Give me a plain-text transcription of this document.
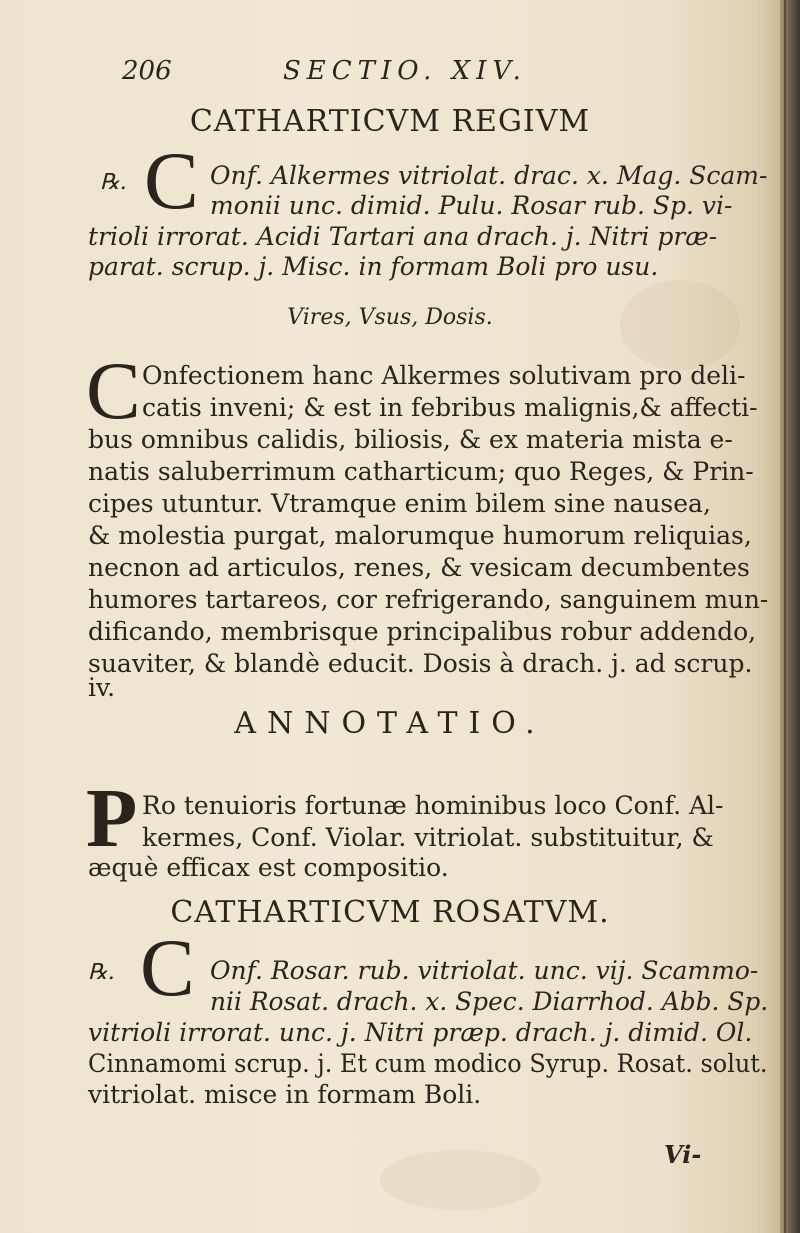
206	SECTIO. XIV.
CATHARTICVM REGIVM
℞. C Onf. Alkermes vitriolat. drac. x. Mag. Scam-
monii unc. dimid. Pulu. Rosar rub. Sp. vi-
trioli irrorat. Acidi Tartari ana drach. j. Nitri præ-
parat. scrup. j. Misc. in formam Boli pro usu.
Vires, Vsus, Dosis.
C Onfectionem hanc Alkermes solutivam pro deli-
catis inveni; & est in febribus malignis,& affecti-
bus omnibus calidis, biliosis, & ex materia mista e-
natis saluberrimum catharticum; quo Reges, & Prin-
cipes utuntur. Vtramque enim bilem sine nausea,
& molestia purgat, malorumque humorum reliquias,
necnon ad articulos, renes, & vesicam decumbentes
humores tartareos, cor refrigerando, sanguinem mun-
dificando, membrisque principalibus robur addendo,
suaviter, & blandè educit. Dosis à drach. j. ad scrup.
iv.
ANNOTATIO.
P Ro tenuioris fortunæ hominibus loco Conf. Al-
kermes, Conf. Violar. vitriolat. substituitur, &
æquè efficax est compositio.
CATHARTICVM ROSATVM.
℞. C Onf. Rosar. rub. vitriolat. unc. vij. Scammo-
nii Rosat. drach. x. Spec. Diarrhod. Abb. Sp.
vitrioli irrorat. unc. j. Nitri præp. drach. j. dimid. Ol.
Cinnamomi scrup. j. Et cum modico Syrup. Rosat. solut.
vitriolat. misce in formam Boli.
Vi-
